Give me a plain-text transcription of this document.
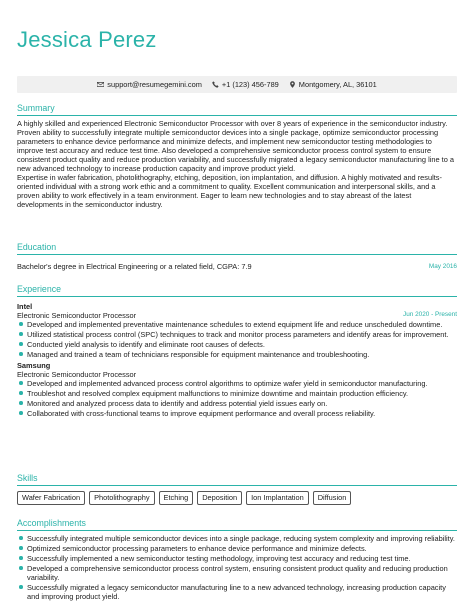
Jessica Perez
support@resumegemini.com	+1 (123) 456-789	Montgomery, AL, 36101
Summary

A highly skilled and experienced Electronic Semiconductor Processor with over 8 years of experience in the semiconductor industry. Proven ability to successfully integrate multiple semiconductor devices into a single package, optimize semiconductor processing parameters to enhance device performance and minimize defects, and implement new semiconductor testing methodologies to improve test accuracy and reduce test time. Also developed a comprehensive semiconductor process control system to ensure consistent product quality and reduce production variability, and successfully migrated a legacy semiconductor manufacturing line to a new advanced technology to increase production capacity and improve product yield.

Expertise in wafer fabrication, photolithography, etching, deposition, ion implantation, and diffusion. A highly motivated and results-oriented individual with a strong work ethic and a commitment to quality. Excellent communication and interpersonal skills, and a proven ability to work effectively in a team environment. Eager to learn new technologies and to stay abreast of the latest developments in the semiconductor industry.

Education
Bachelor's degree in Electrical Engineering or a related field, CGPA: 7.9	May 2016
Experience
Intel
Electronic Semiconductor Processor	Jun 2020 - Present
Developed and implemented preventative maintenance schedules to extend equipment life and reduce unscheduled downtime.
Utilized statistical process control (SPC) techniques to track and monitor process parameters and identify areas for improvement.
Conducted yield analysis to identify and eliminate root causes of defects.
Managed and trained a team of technicians responsible for equipment maintenance and troubleshooting.
Samsung
Electronic Semiconductor Processor
Developed and implemented advanced process control algorithms to optimize wafer yield in semiconductor manufacturing.
Troubleshot and resolved complex equipment malfunctions to minimize downtime and maintain production efficiency.
Monitored and analyzed process data to identify and address potential yield issues early on.
Collaborated with cross-functional teams to improve equipment performance and overall process reliability.
Skills
Wafer Fabrication	Photolithography	Etching	Deposition	Ion Implantation	Diffusion
Accomplishments
Successfully integrated multiple semiconductor devices into a single package, reducing system complexity and improving reliability.
Optimized semiconductor processing parameters to enhance device performance and minimize defects.
Successfully implemented a new semiconductor testing methodology, improving test accuracy and reducing test time.
Developed a comprehensive semiconductor process control system, ensuring consistent product quality and reducing production variability.
Successfully migrated a legacy semiconductor manufacturing line to a new advanced technology, increasing production capacity and improving product yield.
